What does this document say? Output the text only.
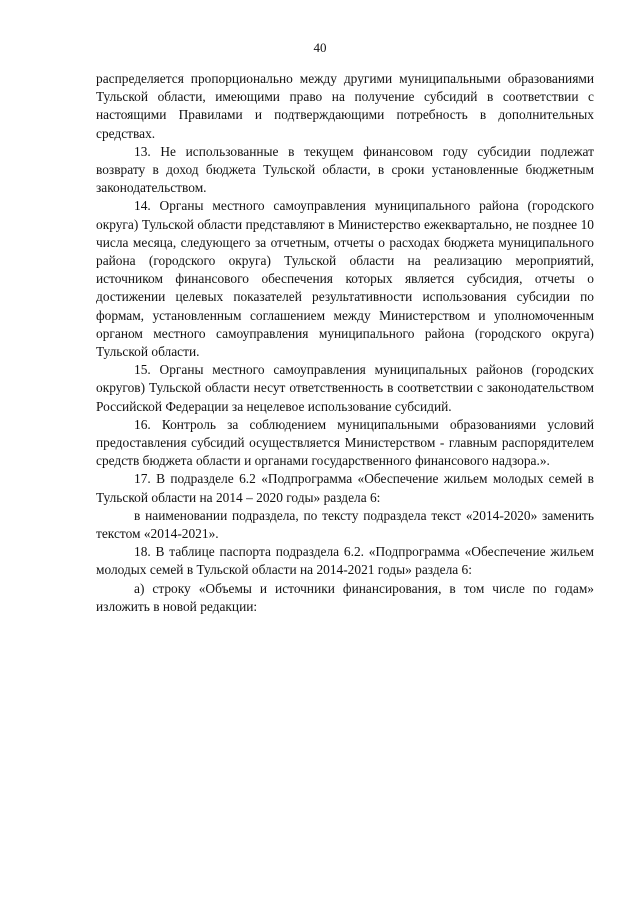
40

распределяется пропорционально между другими муниципальными образованиями Тульской области, имеющими право на получение субсидий в соответствии с настоящими Правилами и подтверждающими потребность в дополнительных средствах.

13. Не использованные в текущем финансовом году субсидии подлежат возврату в доход бюджета Тульской области, в сроки установленные бюджетным законодательством.

14. Органы местного самоуправления муниципального района (городского округа) Тульской области представляют в Министерство ежеквартально, не позднее 10 числа месяца, следующего за отчетным, отчеты о расходах бюджета муниципального района (городского округа) Тульской области на реализацию мероприятий, источником финансового обеспечения которых является субсидия, отчеты о достижении целевых показателей результативности использования субсидии по формам, установленным соглашением между Министерством и уполномоченным органом местного самоуправления муниципального района (городского округа) Тульской области.

15. Органы местного самоуправления муниципальных районов (городских округов) Тульской области несут ответственность в соответствии с законодательством Российской Федерации за нецелевое использование субсидий.

16. Контроль за соблюдением муниципальными образованиями условий предоставления субсидий осуществляется Министерством - главным распорядителем средств бюджета области и органами государственного финансового надзора.».

17. В подразделе 6.2 «Подпрограмма «Обеспечение жильем молодых семей в Тульской области на 2014 – 2020 годы» раздела 6:

в наименовании подраздела, по тексту подраздела текст «2014-2020» заменить текстом «2014-2021».

18. В таблице паспорта подраздела 6.2. «Подпрограмма «Обеспечение жильем молодых семей в Тульской области на 2014-2021 годы» раздела 6:

а) строку «Объемы и источники финансирования, в том числе по годам» изложить в новой редакции:
